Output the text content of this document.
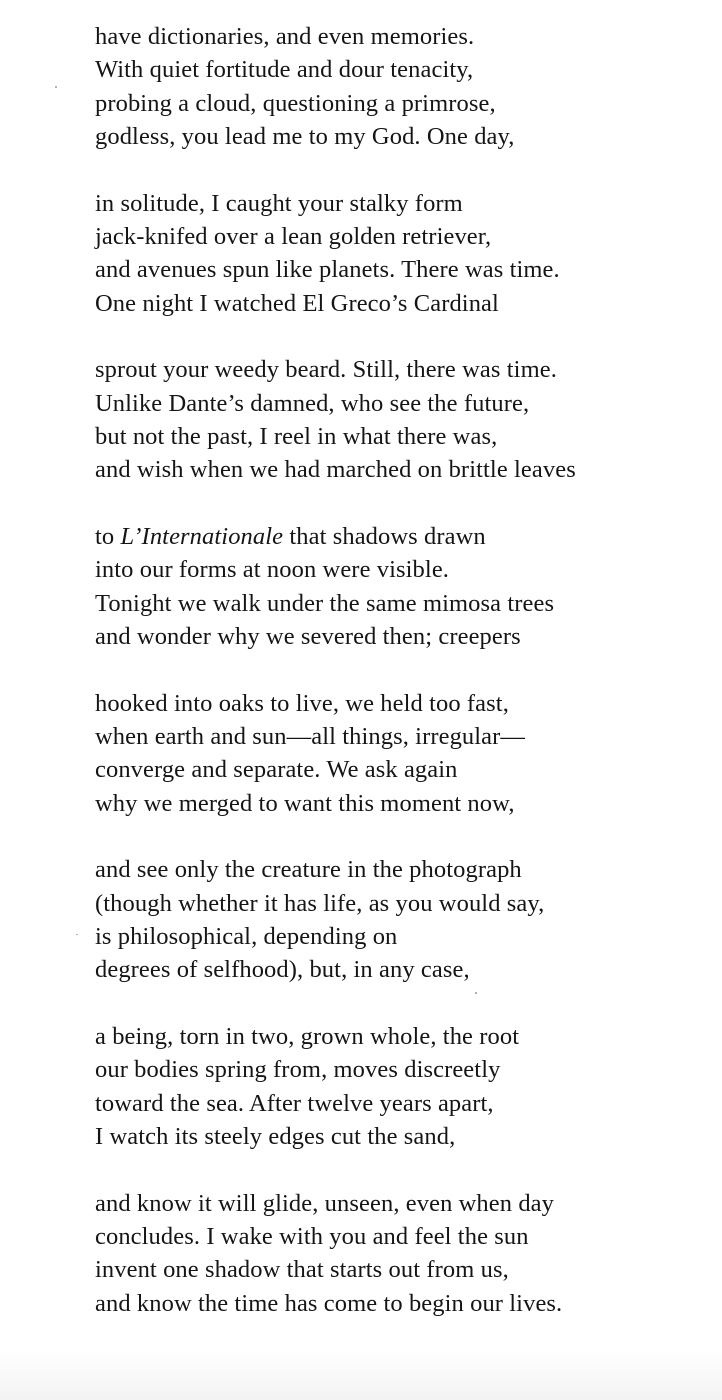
have dictionaries, and even memories.
With quiet fortitude and dour tenacity,
probing a cloud, questioning a primrose,
godless, you lead me to my God. One day,
in solitude, I caught your stalky form
jack-knifed over a lean golden retriever,
and avenues spun like planets. There was time.
One night I watched El Greco’s Cardinal
sprout your weedy beard. Still, there was time.
Unlike Dante’s damned, who see the future,
but not the past, I reel in what there was,
and wish when we had marched on brittle leaves
to L’Internationale that shadows drawn
into our forms at noon were visible.
Tonight we walk under the same mimosa trees
and wonder why we severed then; creepers
hooked into oaks to live, we held too fast,
when earth and sun—all things, irregular—
converge and separate. We ask again
why we merged to want this moment now,
and see only the creature in the photograph
(though whether it has life, as you would say,
is philosophical, depending on
degrees of selfhood), but, in any case,
a being, torn in two, grown whole, the root
our bodies spring from, moves discreetly
toward the sea. After twelve years apart,
I watch its steely edges cut the sand,
and know it will glide, unseen, even when day
concludes. I wake with you and feel the sun
invent one shadow that starts out from us,
and know the time has come to begin our lives.
